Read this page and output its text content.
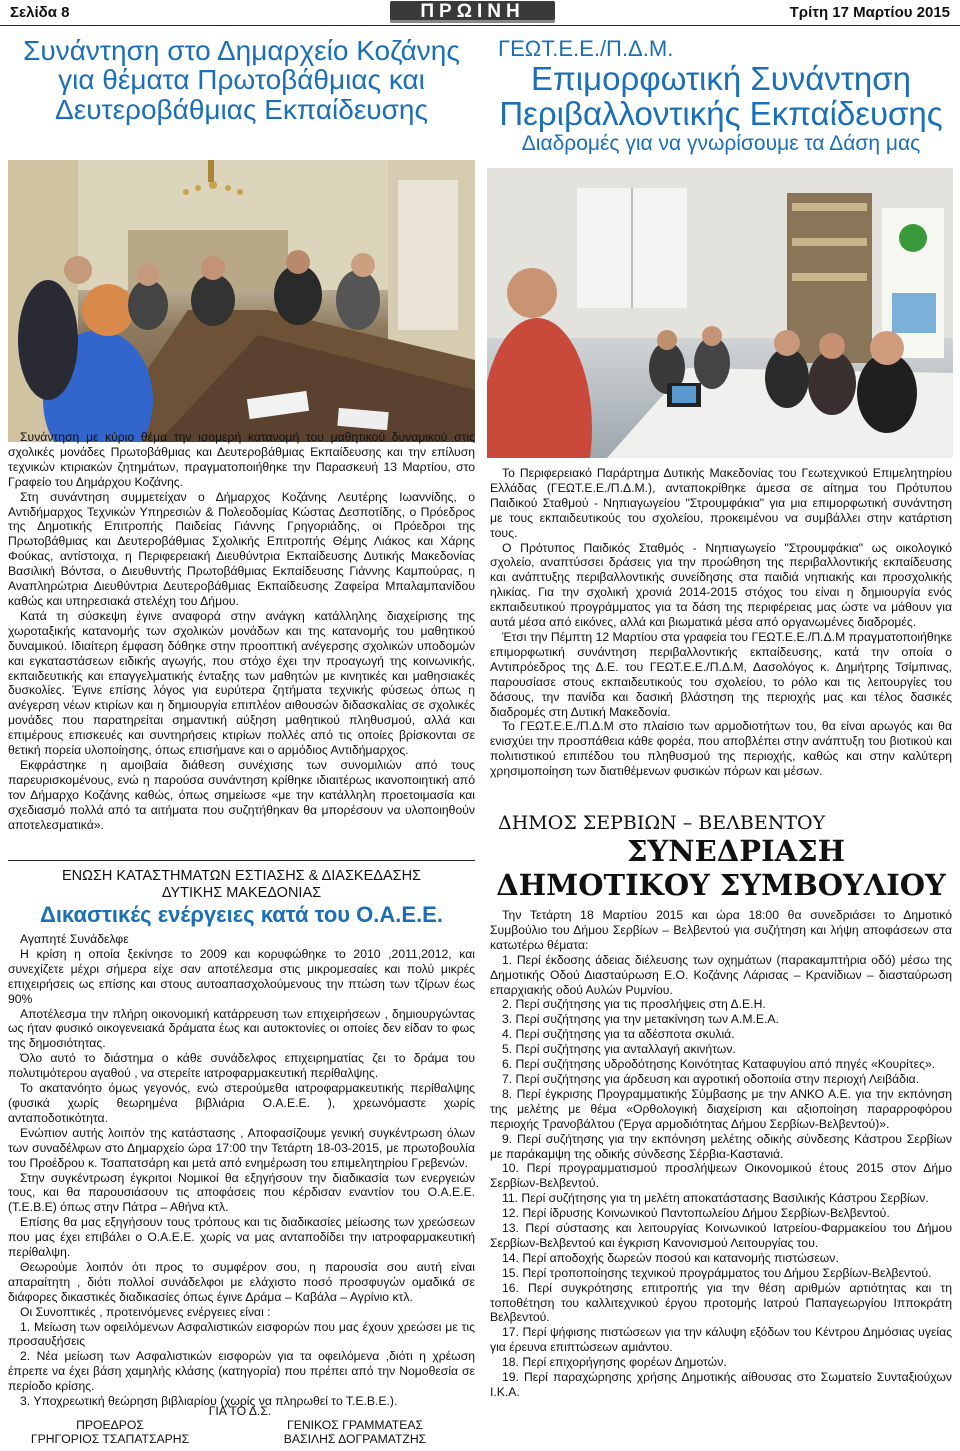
Σελίδα 8	ΠΡΩΙΝΗ	Τρίτη 17 Μαρτίου 2015
Συνάντηση στο Δημαρχείο Κοζάνης για θέματα Πρωτοβάθμιας και Δευτεροβάθμιας Εκπαίδευσης
ΓΕΩΤ.Ε.Ε./Π.Δ.Μ.
Επιμορφωτική Συνάντηση Περιβαλλοντικής Εκπαίδευσης
Διαδρομές για να γνωρίσουμε τα Δάση μας

Συνάντηση με κύριο θέμα την ισομερή κατανομή του μαθητικού δυναμικού στις σχολικές μονάδες Πρωτοβάθμιας και Δευτεροβάθμιας Εκπαίδευσης και την επίλυση τεχνικών κτιριακών ζητημάτων, πραγματοποιήθηκε την Παρασκευή 13 Μαρτίου, στο Γραφείο του Δημάρχου Κοζάνης.

Στη συνάντηση συμμετείχαν ο Δήμαρχος Κοζάνης Λευτέρης Ιωαννίδης, ο Αντιδήμαρχος Τεχνικών Υπηρεσιών & Πολεοδομίας Κώστας Δεσποτίδης, ο Πρόεδρος της Δημοτικής Επιτροπής Παιδείας Γιάννης Γρηγοριάδης, οι Πρόεδροι της Πρωτοβάθμιας και Δευτεροβάθμιας Σχολικής Επιτροπής Θέμης Λιάκος και Χάρης Φούκας, αντίστοιχα, η Περιφερειακή Διευθύντρια Εκπαίδευσης Δυτικής Μακεδονίας Βασιλική Βόντσα, ο Διευθυντής Πρωτοβάθμιας Εκπαίδευσης Γιάννης Καμπούρας, η Αναπληρώτρια Διευθύντρια Δευτεροβάθμιας Εκπαίδευσης Ζαφείρα Μπαλαμπανίδου καθώς και υπηρεσιακά στελέχη του Δήμου.

Κατά τη σύσκεψη έγινε αναφορά στην ανάγκη κατάλληλης διαχείρισης της χωροταξικής κατανομής των σχολικών μονάδων και της κατανομής του μαθητικού δυναμικού. Ιδιαίτερη έμφαση δόθηκε στην προοπτική ανέγερσης σχολικών υποδομών και εγκαταστάσεων ειδικής αγωγής, που στόχο έχει την προαγωγή της κοινωνικής, εκπαιδευτικής και επαγγελματικής ένταξης των μαθητών με κινητικές και μαθησιακές δυσκολίες. Έγινε επίσης λόγος για ευρύτερα ζητήματα τεχνικής φύσεως όπως η ανέγερση νέων κτιρίων και η δημιουργία επιπλέον αιθουσών διδασκαλίας σε σχολικές μονάδες που παρατηρείται σημαντική αύξηση μαθητικού πληθυσμού, αλλά και επιμέρους επισκευές και συντηρήσεις κτιρίων πολλές από τις οποίες βρίσκονται σε θετική πορεία υλοποίησης, όπως επισήμανε και ο αρμόδιος Αντιδήμαρχος.

Εκφράστηκε η αμοιβαία διάθεση συνέχισης των συνομιλιών από τους παρευρισκομένους, ενώ η παρούσα συνάντηση κρίθηκε ιδιαιτέρως ικανοποιητική από τον Δήμαρχο Κοζάνης καθώς, όπως σημείωσε «με την κατάλληλη προετοιμασία και σχεδιασμό πολλά από τα αιτήματα που συζητήθηκαν θα μπορέσουν να υλοποιηθούν αποτελεσματικά».

Το Περιφερειακό Παράρτημα Δυτικής Μακεδονίας του Γεωτεχνικού Επιμελητηρίου Ελλάδας (ΓΕΩΤ.Ε.Ε./Π.Δ.Μ.), ανταποκρίθηκε άμεσα σε αίτημα του Πρότυπου Παιδικού Σταθμού - Νηπιαγωγείου "Στρουμφάκια" για μια επιμορφωτική συνάντηση με τους εκπαιδευτικούς του σχολείου, προκειμένου να συμβάλλει στην κατάρτιση τους.

Ο Πρότυπος Παιδικός Σταθμός - Νηπιαγωγείο "Στρουμφάκια" ως οικολογικό σχολείο, αναπτύσσει δράσεις για την προώθηση της περιβαλλοντικής εκπαίδευσης και ανάπτυξης περιβαλλοντικής συνείδησης στα παιδιά νηπιακής και προσχολικής ηλικίας. Για την σχολική χρονιά 2014-2015 στόχος του είναι η δημιουργία ενός εκπαιδευτικού προγράμματος για τα δάση της περιφέρειας μας ώστε να μάθουν για αυτά μέσα από εικόνες, αλλά και βιωματικά μέσα από οργανωμένες διαδρομές.

Έτσι την Πέμπτη 12 Μαρτίου στα γραφεία του ΓΕΩΤ.Ε.Ε./Π.Δ.Μ πραγματοποιήθηκε επιμορφωτική συνάντηση περιβαλλοντικής εκπαίδευσης, κατά την οποία ο Αντιπρόεδρος της Δ.Ε. του ΓΕΩΤ.Ε.Ε./Π.Δ.Μ, Δασολόγος κ. Δημήτρης Τσίμπινας, παρουσίασε στους εκπαιδευτικούς του σχολείου, το ρόλο και τις λειτουργίες του δάσους, την πανίδα και δασική βλάστηση της περιοχής μας και τέλος δασικές διαδρομές στη Δυτική Μακεδονία.

Το ΓΕΩΤ.Ε.Ε./Π.Δ.Μ στο πλαίσιο των αρμοδιοτήτων του, θα είναι αρωγός και θα ενισχύει την προσπάθεια κάθε φορέα, που αποβλέπει στην ανάπτυξη του βιοτικού και πολιτιστικού επιπέδου του πληθυσμού της περιοχής, καθώς και στην καλύτερη χρησιμοποίηση των διατιθέμενων φυσικών πόρων και μέσων.

ΕΝΩΣΗ ΚΑΤΑΣΤΗΜΑΤΩΝ ΕΣΤΙΑΣΗΣ & ΔΙΑΣΚΕΔΑΣΗΣ
ΔΥΤΙΚΗΣ ΜΑΚΕΔΟΝΙΑΣ
Δικαστικές ενέργειες κατά του Ο.Α.Ε.Ε.

Αγαπητέ Συνάδελφε

Η κρίση η οποία ξεκίνησε το 2009 και κορυφώθηκε το 2010 ,2011,2012, και συνεχίζετε μέχρι σήμερα είχε σαν αποτέλεσμα στις μικρομεσαίες και πολύ μικρές επιχειρήσεις ως επίσης και στους αυτοαπασχολούμενους την πτώση των τζίρων έως 90%

Αποτέλεσμα την πλήρη οικονομική κατάρρευση των επιχειρήσεων , δημιουργώντας ως ήταν φυσικό οικογενειακά δράματα έως και αυτοκτονίες οι οποίες δεν είδαν το φως της δημοσιότητας.

Όλο αυτό το διάστημα ο κάθε συνάδελφος επιχειρηματίας ζει το δράμα του πολυτιμότερου αγαθού , να στερείτε ιατροφαρμακευτική περίθαλψης.

Το ακατανόητο όμως γεγονός, ενώ στερούμεθα ιατροφαρμακευτικής περίθαλψης (φυσικά χωρίς θεωρημένα βιβλιάρια Ο.Α.Ε.Ε. ), χρεωνόμαστε χωρίς ανταποδοτικότητα.

Ενώπιον αυτής λοιπόν της κατάστασης , Αποφασίζουμε γενική συγκέντρωση όλων των συναδέλφων στο Δημαρχείο ώρα 17:00 την Τετάρτη 18-03-2015, με πρωτοβουλία του Προέδρου κ. Τσαπατσάρη και μετά από ενημέρωση του επιμελητηρίου Γρεβενών.

Στην συγκέντρωση έγκριτοι Νομικοί θα εξηγήσουν την διαδικασία των ενεργειών τους, και θα παρουσιάσουν τις αποφάσεις που κέρδισαν εναντίον του Ο.Α.Ε.Ε. (Τ.Ε.Β.Ε) όπως στην Πάτρα – Αθήνα κτλ.

Επίσης θα μας εξηγήσουν τους τρόπους και τις διαδικασίες μείωσης των χρεώσεων που μας έχει επιβάλει ο Ο.Α.Ε.Ε. χωρίς να μας ανταποδίδει την ιατροφαρμακευτική περίθαλψη.

Θεωρούμε λοιπόν ότι προς το συμφέρον σου, η παρουσία σου αυτή είναι απαραίτητη , διότι πολλοί συνάδελφοι με ελάχιστο ποσό προσφυγών ομαδικά σε διάφορες δικαστικές διαδικασίες όπως έγινε Δράμα – Καβάλα – Αγρίνιο κτλ.

Οι Συνοπτικές , προτεινόμενες ενέργειες είναι :

1. Μείωση των οφειλόμενων Ασφαλιστικών εισφορών που μας έχουν χρεώσει με τις προσαυξήσεις

2. Νέα μείωση των Ασφαλιστικών εισφορών για τα οφειλόμενα ,διότι η χρέωση έπρεπε να έχει βάση χαμηλής κλάσης (κατηγορία) που πρέπει από την Νομοθεσία σε περίοδο κρίσης.

3. Υποχρεωτική θεώρηση βιβλιαρίου (χωρίς να πληρωθεί το Τ.Ε.Β.Ε.).

ΓΙΑ ΤΟ Δ.Σ.
ΠΡΟΕΔΡΟΣ
ΓΡΗΓΟΡΙΟΣ ΤΣΑΠΑΤΣΑΡΗΣ
ΓΕΝΙΚΟΣ ΓΡΑΜΜΑΤΕΑΣ
ΒΑΣΙΛΗΣ ΔΟΓΡΑΜΑΤΖΗΣ
ΔΗΜΟΣ ΣΕΡΒΙΩΝ – ΒΕΛΒΕΝΤΟΥ
ΣΥΝΕΔΡΙΑΣΗ
ΔΗΜΟΤΙΚΟΥ ΣΥΜΒΟΥΛΙΟΥ

Την Τετάρτη 18 Μαρτίου 2015 και ώρα 18:00 θα συνεδριάσει το Δημοτικό Συμβούλιο του Δήμου Σερβίων – Βελβεντού για συζήτηση και λήψη αποφάσεων στα κατωτέρω θέματα:

1. Περί έκδοσης άδειας διέλευσης των οχημάτων (παρακαμπτήρια οδό) μέσω της Δημοτικής Οδού Διασταύρωση Ε.Ο. Κοζάνης Λάρισας – Κρανίδιων – διασταύρωση επαρχιακής οδού Αυλών Ρυμνίου.

2. Περί συζήτησης για τις προσλήψεις στη Δ.Ε.Η.

3. Περί συζήτησης για την μετακίνηση των Α.Μ.Ε.Α.

4. Περί συζήτησης για τα αδέσποτα σκυλιά.

5. Περί συζήτησης για ανταλλαγή ακινήτων.

6. Περί συζήτησης υδροδότησης Κοινότητας Καταφυγίου από πηγές «Κουρίτες».

7. Περί συζήτησης για άρδευση και αγροτική οδοποιία στην περιοχή Λειβάδια.

8. Περί έγκρισης Προγραμματικής Σύμβασης με την ΑΝΚΟ Α.Ε. για την εκπόνηση της μελέτης με θέμα «Ορθολογική διαχείριση και αξιοποίηση παραρροφόρου περιοχής Τρανοβάλτου (Έργα αρμοδιότητας Δήμου Σερβίων-Βελβεντού)».

9. Περί συζήτησης για την εκπόνηση μελέτης οδικής σύνδεσης Κάστρου Σερβίων με παράκαμψη της οδικής σύνδεσης Σέρβια-Καστανιά.

10. Περί προγραμματισμού προσλήψεων Οικονομικού έτους 2015 στον Δήμο Σερβίων-Βελβεντού.

11. Περί συζήτησης για τη μελέτη αποκατάστασης Βασιλικής Κάστρου Σερβίων.

12. Περί ίδρυσης Κοινωνικού Παντοπωλείου Δήμου Σερβίων-Βελβεντού.

13. Περί σύστασης και λειτουργίας Κοινωνικού Ιατρείου-Φαρμακείου του Δήμου Σερβίων-Βελβεντού και έγκριση Κανονισμού Λειτουργίας του.

14. Περί αποδοχής δωρεών ποσού και κατανομής πιστώσεων.

15. Περί τροποποίησης τεχνικού προγράμματος του Δήμου Σερβίων-Βελβεντού.

16. Περί συγκρότησης επιτροπής για την θέση αριθμών αρτιότητας και τη τοποθέτηση του καλλιτεχνικού έργου προτομής Ιατρού Παπαγεωργίου Ιπποκράτη Βελβεντού.

17. Περί ψήφισης πιστώσεων για την κάλυψη εξόδων του Κέντρου Δημόσιας υγείας για έρευνα επιπτώσεων αμιάντου.

18. Περί επιχορήγησης φορέων Δημοτών.

19. Περί παραχώρησης χρήσης Δημοτικής αίθουσας στο Σωματείο Συνταξιούχων Ι.Κ.Α.
